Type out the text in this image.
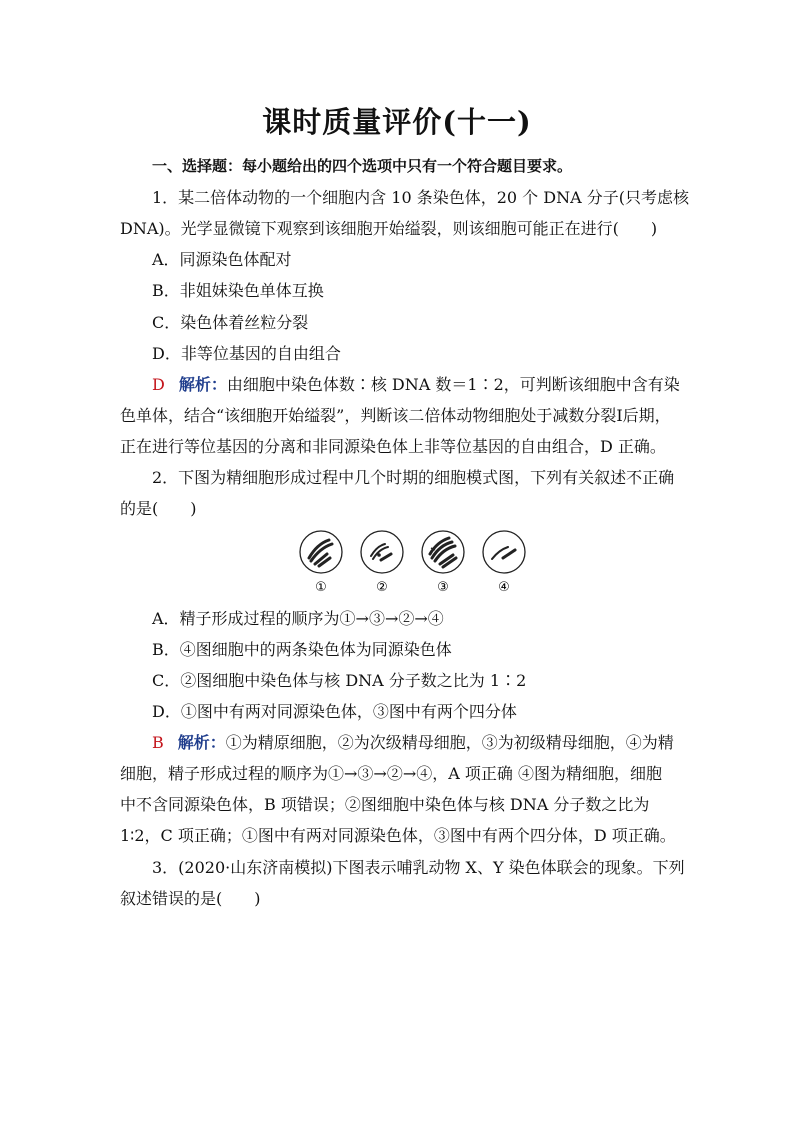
课时质量评价(十一)
一、选择题：每小题给出的四个选项中只有一个符合题目要求。
1．某二倍体动物的一个细胞内含 10 条染色体，20 个 DNA 分子(只考虑核
DNA)。光学显微镜下观察到该细胞开始缢裂，则该细胞可能正在进行(　　)
A．同源染色体配对
B．非姐妹染色单体互换
C．染色体着丝粒分裂
D．非等位基因的自由组合
D 解析：由细胞中染色体数∶核 DNA 数＝1∶2，可判断该细胞中含有染
色单体，结合“该细胞开始缢裂”，判断该二倍体动物细胞处于减数分裂Ⅰ后期，
正在进行等位基因的分离和非同源染色体上非等位基因的自由组合，D 正确。
2．下图为精细胞形成过程中几个时期的细胞模式图，下列有关叙述不正确
的是(　　)
①	②	③	④
A．精子形成过程的顺序为①→③→②→④
B．④图细胞中的两条染色体为同源染色体
C．②图细胞中染色体与核 DNA 分子数之比为 1∶2
D．①图中有两对同源染色体，③图中有两个四分体
B 解析：①为精原细胞，②为次级精母细胞，③为初级精母细胞，④为精
细胞，精子形成过程的顺序为①→③→②→④，A 项正确 ④图为精细胞，细胞
中不含同源染色体，B 项错误；②图细胞中染色体与核 DNA 分子数之比为
1∶2，C 项正确；①图中有两对同源染色体，③图中有两个四分体，D 项正确。
3．(2020·山东济南模拟)下图表示哺乳动物 X、Y 染色体联会的现象。下列
叙述错误的是(　　)
